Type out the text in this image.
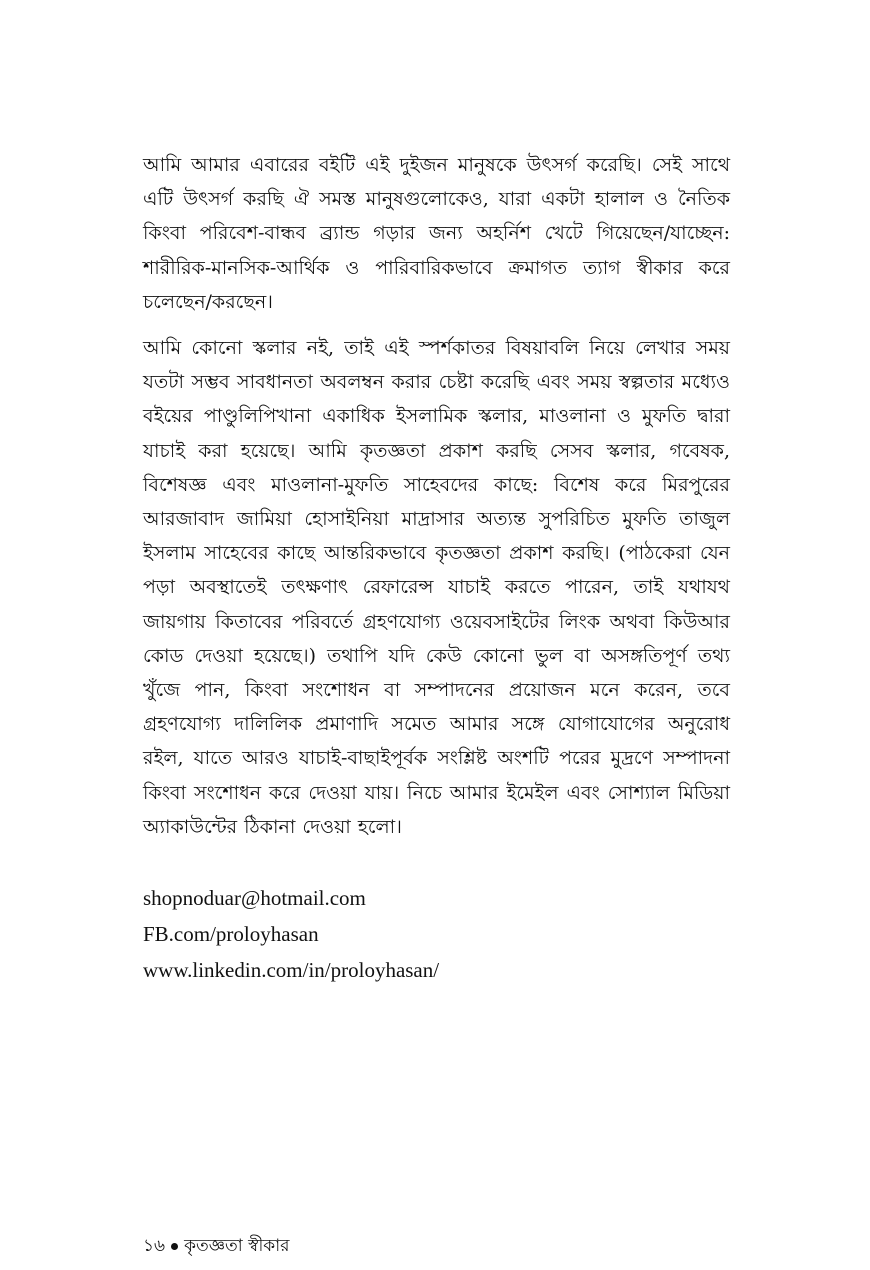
আমি আমার এবারের বইটি এই দুইজন মানুষকে উৎসর্গ করেছি। সেই সাথে এটি উৎসর্গ করছি ঐ সমস্ত মানুষগুলোকেও, যারা একটা হালাল ও নৈতিক কিংবা পরিবেশ-বান্ধব ব্র্যান্ড গড়ার জন্য অহর্নিশ খেটে গিয়েছেন/যাচ্ছেন: শারীরিক-মানসিক-আর্থিক ও পারিবারিকভাবে ক্রমাগত ত্যাগ স্বীকার করে চলেছেন/করছেন।

আমি কোনো স্কলার নই, তাই এই স্পর্শকাতর বিষয়াবলি নিয়ে লেখার সময় যতটা সম্ভব সাবধানতা অবলম্বন করার চেষ্টা করেছি এবং সময় স্বল্পতার মধ্যেও বইয়ের পাণ্ডুলিপিখানা একাধিক ইসলামিক স্কলার, মাওলানা ও মুফতি দ্বারা যাচাই করা হয়েছে। আমি কৃতজ্ঞতা প্রকাশ করছি সেসব স্কলার, গবেষক, বিশেষজ্ঞ এবং মাওলানা-মুফতি সাহেবদের কাছে: বিশেষ করে মিরপুরের আরজাবাদ জামিয়া হোসাইনিয়া মাদ্রাসার অত্যন্ত সুপরিচিত মুফতি তাজুল ইসলাম সাহেবের কাছে আন্তরিকভাবে কৃতজ্ঞতা প্রকাশ করছি। (পাঠকেরা যেন পড়া অবস্থাতেই তৎক্ষণাৎ রেফারেন্স যাচাই করতে পারেন, তাই যথাযথ জায়গায় কিতাবের পরিবর্তে গ্রহণযোগ্য ওয়েবসাইটের লিংক অথবা কিউআর কোড দেওয়া হয়েছে।) তথাপি যদি কেউ কোনো ভুল বা অসঙ্গতিপূর্ণ তথ্য খুঁজে পান, কিংবা সংশোধন বা সম্পাদনের প্রয়োজন মনে করেন, তবে গ্রহণযোগ্য দালিলিক প্রমাণাদি সমেত আমার সঙ্গে যোগাযোগের অনুরোধ রইল, যাতে আরও যাচাই-বাছাইপূর্বক সংশ্লিষ্ট অংশটি পরের মুদ্রণে সম্পাদনা কিংবা সংশোধন করে দেওয়া যায়। নিচে আমার ইমেইল এবং সোশ্যাল মিডিয়া অ্যাকাউন্টের ঠিকানা দেওয়া হলো।

shopnoduar@hotmail.com

FB.com/proloyhasan

www.linkedin.com/in/proloyhasan/

১৬ কৃতজ্ঞতা স্বীকার
